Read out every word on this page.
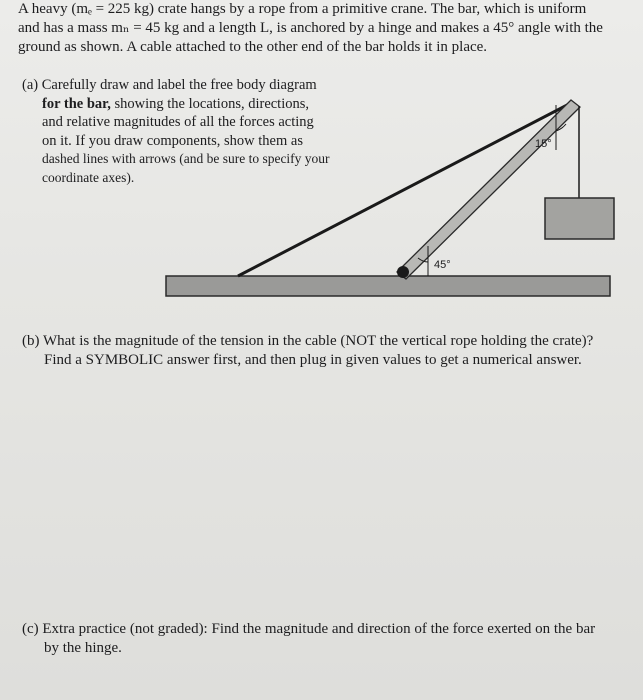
A heavy (mₑ = 225 kg) crate hangs by a rope from a primitive crane. The bar, which is uniform
and has a mass mₙ = 45 kg and a length L, is anchored by a hinge and makes a 45° angle with the
ground as shown. A cable attached to the other end of the bar holds it in place.
(a) Carefully draw and label the free body diagram
for the bar, showing the locations, directions,
and relative magnitudes of all the forces acting
on it. If you draw components, show them as
dashed lines with arrows (and be sure to specify your
coordinate axes).
15°
45°
(b) What is the magnitude of the tension in the cable (NOT the vertical rope holding the crate)?
Find a SYMBOLIC answer first, and then plug in given values to get a numerical answer.
(c) Extra practice (not graded): Find the magnitude and direction of the force exerted on the bar
by the hinge.
